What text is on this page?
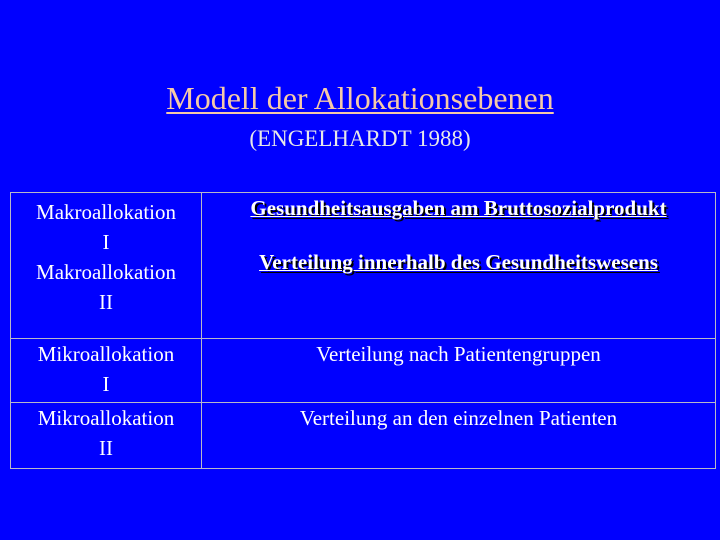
Modell der Allokationsebenen
(ENGELHARDT 1988)
Makroallokation
I
Makroallokation
II	Gesundheitsausgaben am Bruttosozialprodukt
Verteilung innerhalb des Gesundheitswesens

Mikroallokation
I	Verteilung nach Patientengruppen

Mikroallokation
II	Verteilung an den einzelnen Patienten
